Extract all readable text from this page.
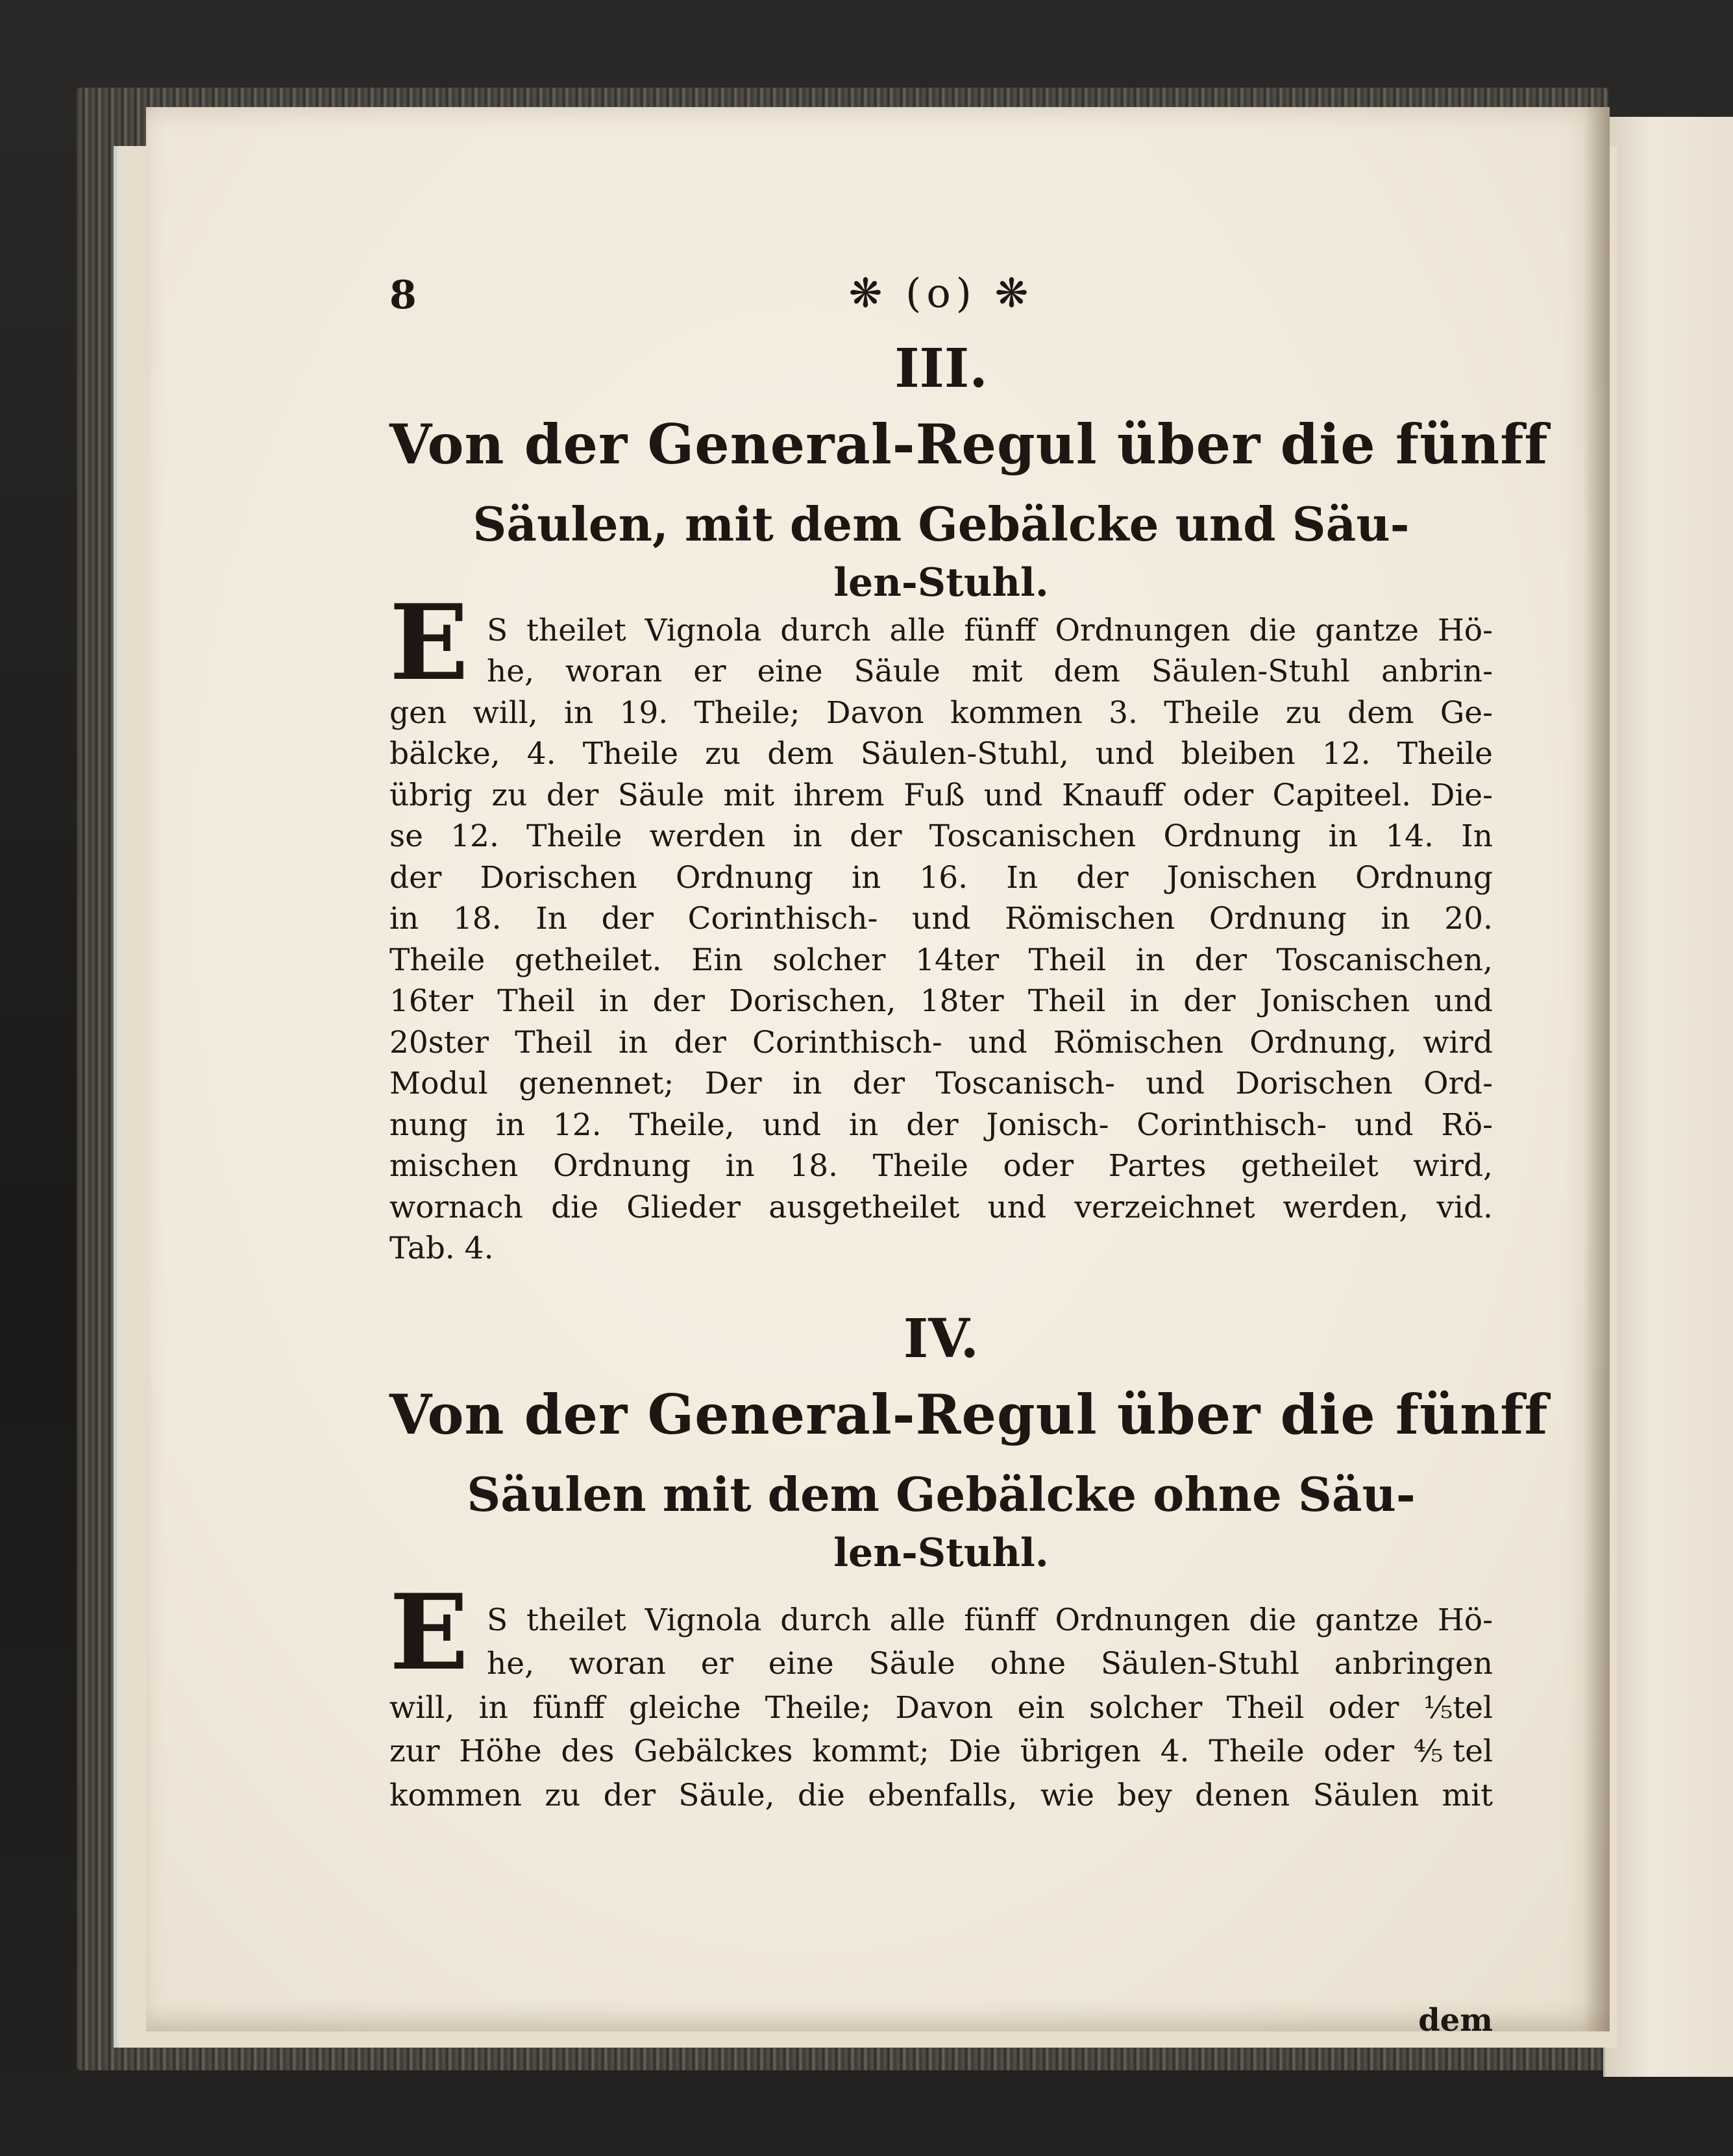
8	❋ (o) ❋
III.
Von der General-Regul über die fünff
Säulen, mit dem Gebälcke und Säu-
len-Stuhl.
E S theilet Vignola durch alle fünff Ordnungen die gantze Hö-
he, woran er eine Säule mit dem Säulen-Stuhl anbrin-
gen will, in 19. Theile; Davon kommen 3. Theile zu dem Ge-
bälcke, 4. Theile zu dem Säulen-Stuhl, und bleiben 12. Theile
übrig zu der Säule mit ihrem Fuß und Knauff oder Capiteel. Die-
se 12. Theile werden in der Toscanischen Ordnung in 14. In
der Dorischen Ordnung in 16. In der Jonischen Ordnung
in 18. In der Corinthisch- und Römischen Ordnung in 20.
Theile getheilet. Ein solcher 14ter Theil in der Toscanischen,
16ter Theil in der Dorischen, 18ter Theil in der Jonischen und
20ster Theil in der Corinthisch- und Römischen Ordnung, wird
Modul genennet; Der in der Toscanisch- und Dorischen Ord-
nung in 12. Theile, und in der Jonisch- Corinthisch- und Rö-
mischen Ordnung in 18. Theile oder Partes getheilet wird,
wornach die Glieder ausgetheilet und verzeichnet werden, vid.
Tab. 4.
IV.
Von der General-Regul über die fünff
Säulen mit dem Gebälcke ohne Säu-
len-Stuhl.
E S theilet Vignola durch alle fünff Ordnungen die gantze Hö-
he, woran er eine Säule ohne Säulen-Stuhl anbringen
will, in fünff gleiche Theile; Davon ein solcher Theil oder ⅕tel
zur Höhe des Gebälckes kommt; Die übrigen 4. Theile oder ⅘tel
kommen zu der Säule, die ebenfalls, wie bey denen Säulen mit
dem
